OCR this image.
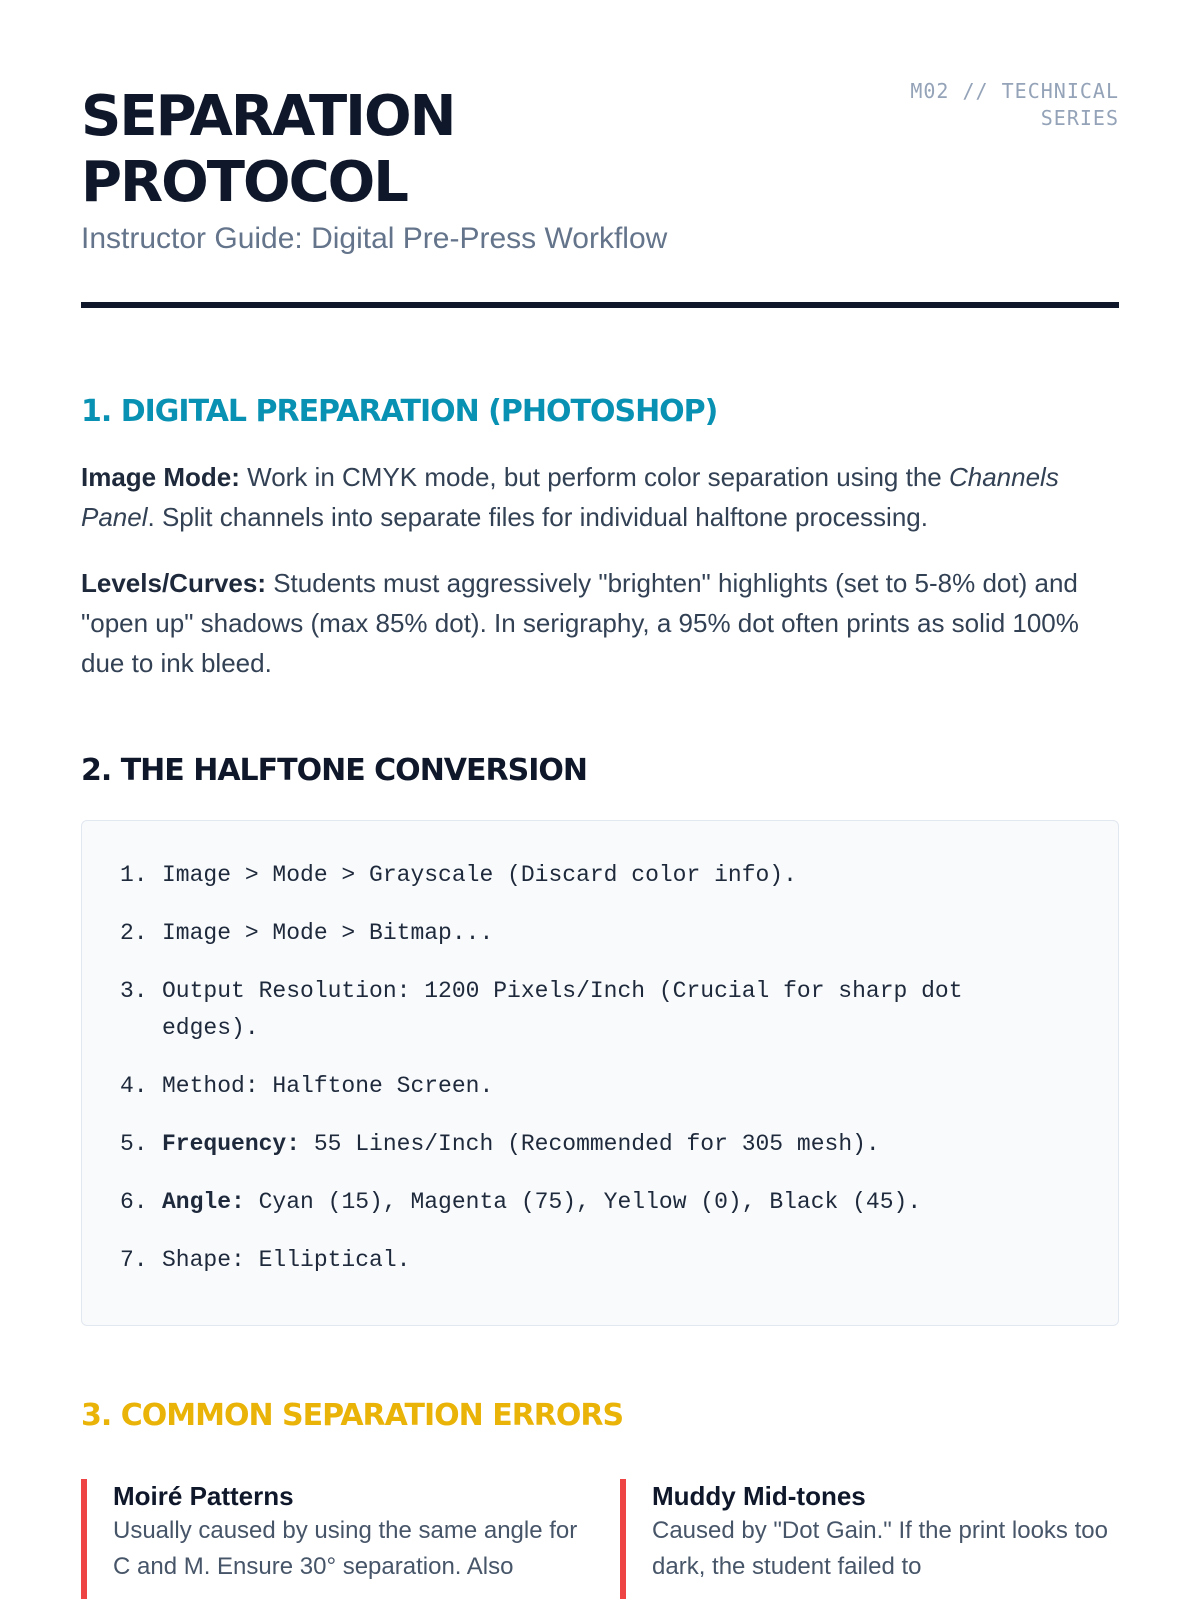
SEPARATION PROTOCOL
Instructor Guide: Digital Pre-Press Workflow
M02 // TECHNICAL SERIES
1. DIGITAL PREPARATION (PHOTOSHOP)

Image Mode: Work in CMYK mode, but perform color separation using the Channels Panel. Split channels into separate files for individual halftone processing.

Levels/Curves: Students must aggressively "brighten" highlights (set to 5-8% dot) and "open up" shadows (max 85% dot). In serigraphy, a 95% dot often prints as solid 100% due to ink bleed.

2. THE HALFTONE CONVERSION
1. Image > Mode > Grayscale (Discard color info).
2. Image > Mode > Bitmap...
3. Output Resolution: 1200 Pixels/Inch (Crucial for sharp dot edges).
4. Method: Halftone Screen.
5. Frequency: 55 Lines/Inch (Recommended for 305 mesh).
6. Angle: Cyan (15), Magenta (75), Yellow (0), Black (45).
7. Shape: Elliptical.
3. COMMON SEPARATION ERRORS
Moiré Patterns
Usually caused by using the same angle for C and M. Ensure 30° separation. Also
Muddy Mid-tones
Caused by "Dot Gain." If the print looks too dark, the student failed to
